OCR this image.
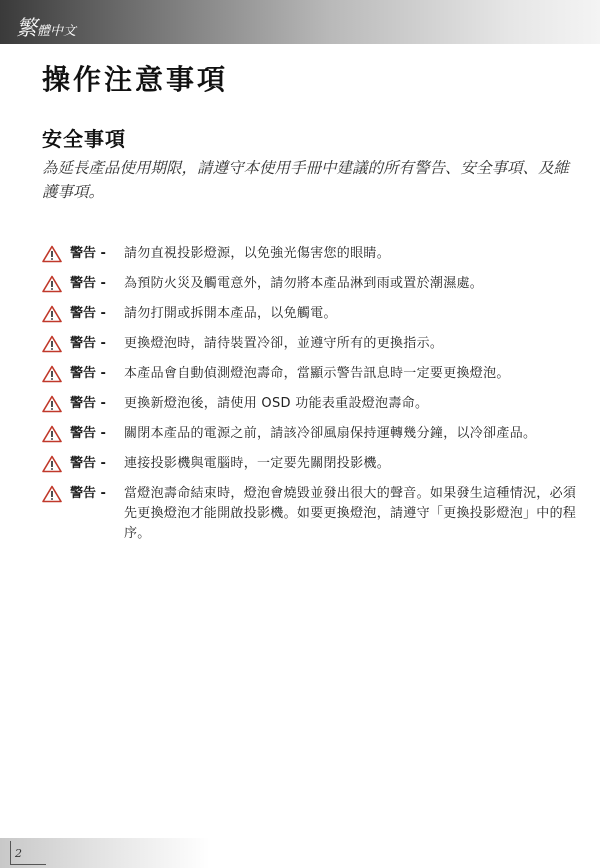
繁體中文
操作注意事項
安全事項

為延長產品使用期限，請遵守本使用手冊中建議的所有警告、安全事項、及維護事項。

警告 -	請勿直視投影燈源，以免強光傷害您的眼睛。
警告 -	為預防火災及觸電意外，請勿將本產品淋到雨或置於潮濕處。
警告 -	請勿打開或拆開本產品，以免觸電。
警告 -	更換燈泡時，請待裝置冷卻，並遵守所有的更換指示。
警告 -	本產品會自動偵測燈泡壽命，當顯示警告訊息時一定要更換燈泡。
警告 -	更換新燈泡後，請使用 OSD 功能表重設燈泡壽命。
警告 -	關閉本產品的電源之前，請該冷卻風扇保持運轉幾分鐘，以冷卻產品。
警告 -	連接投影機與電腦時，一定要先關閉投影機。
警告 -	當燈泡壽命結束時，燈泡會燒毀並發出很大的聲音。如果發生這種情況，必須先更換燈泡才能開啟投影機。如要更換燈泡，請遵守「更換投影燈泡」中的程序。
2
